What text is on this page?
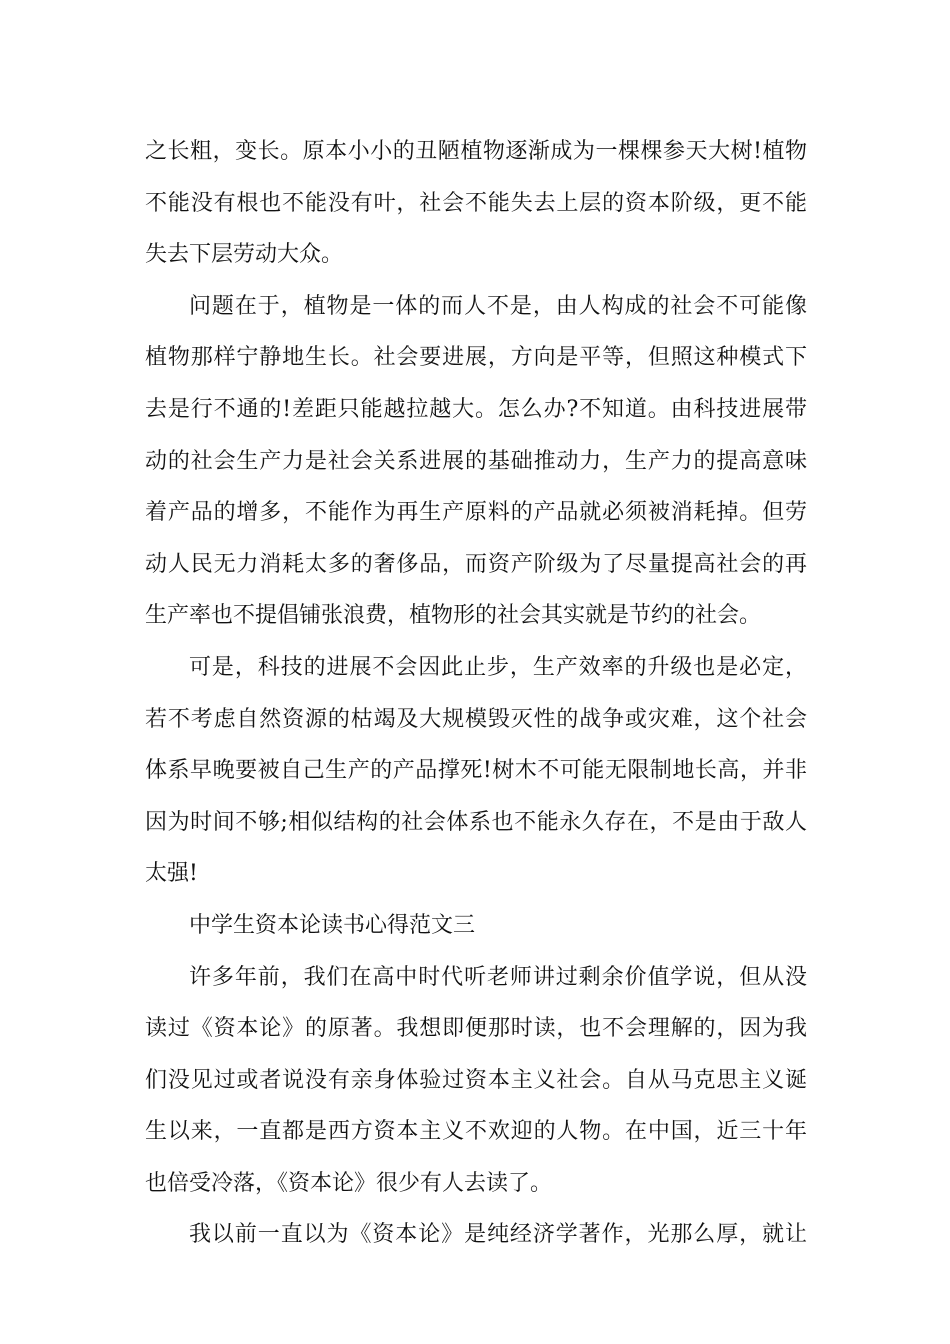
之长粗，变长。原本小小的丑陋植物逐渐成为一棵棵参天大树!植物
不能没有根也不能没有叶，社会不能失去上层的资本阶级，更不能
失去下层劳动大众。
问题在于，植物是一体的而人不是，由人构成的社会不可能像
植物那样宁静地生长。社会要进展，方向是平等，但照这种模式下
去是行不通的!差距只能越拉越大。怎么办?不知道。由科技进展带
动的社会生产力是社会关系进展的基础推动力，生产力的提高意味
着产品的增多，不能作为再生产原料的产品就必须被消耗掉。但劳
动人民无力消耗太多的奢侈品，而资产阶级为了尽量提高社会的再
生产率也不提倡铺张浪费，植物形的社会其实就是节约的社会。
可是，科技的进展不会因此止步，生产效率的升级也是必定，
若不考虑自然资源的枯竭及大规模毁灭性的战争或灾难，这个社会
体系早晚要被自己生产的产品撑死!树木不可能无限制地长高，并非
因为时间不够;相似结构的社会体系也不能永久存在，不是由于敌人
太强!
中学生资本论读书心得范文三
许多年前，我们在高中时代听老师讲过剩余价值学说，但从没
读过《资本论》的原著。我想即便那时读，也不会理解的，因为我
们没见过或者说没有亲身体验过资本主义社会。自从马克思主义诞
生以来，一直都是西方资本主义不欢迎的人物。在中国，近三十年
也倍受冷落，《资本论》很少有人去读了。
我以前一直以为《资本论》是纯经济学著作，光那么厚，就让
